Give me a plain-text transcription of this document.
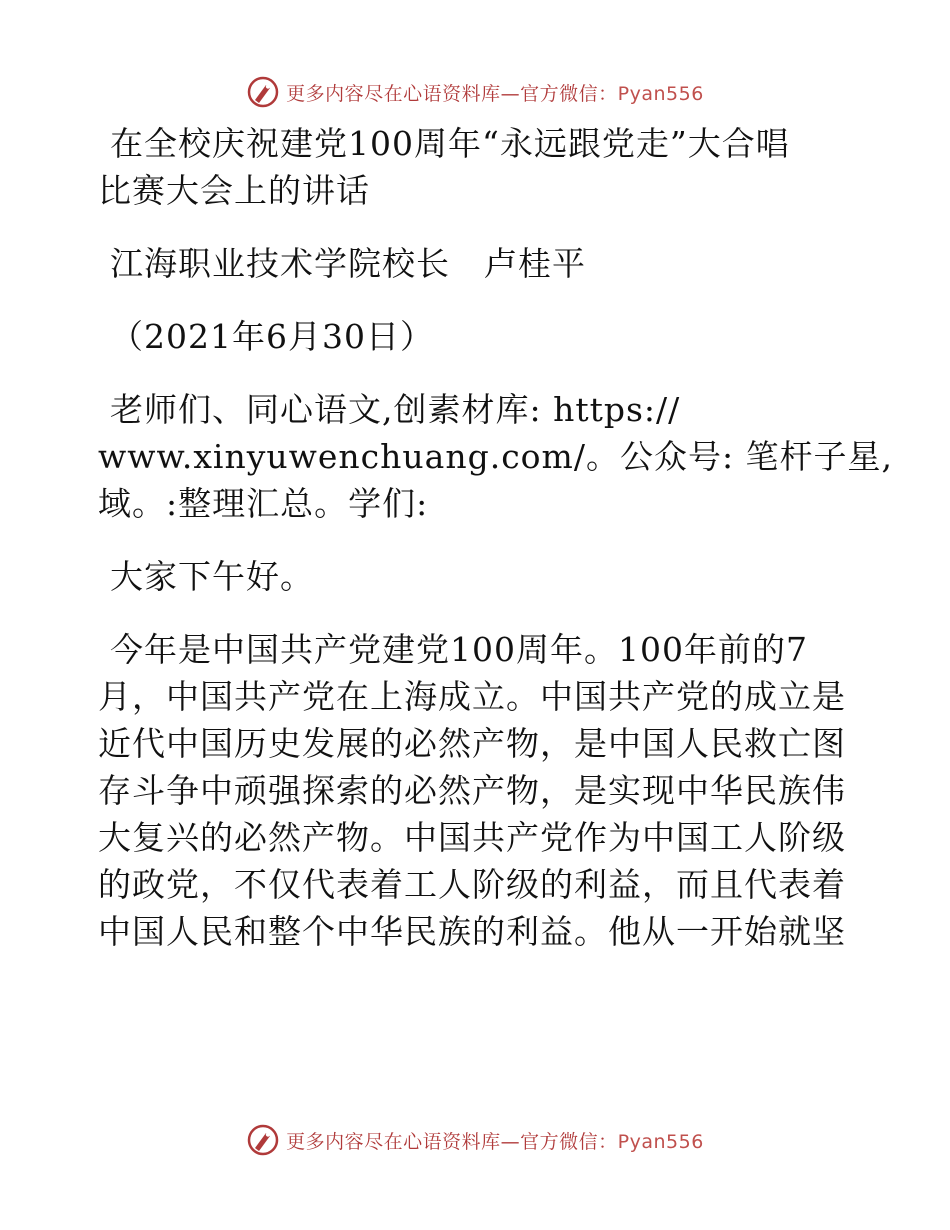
更多内容尽在心语资料库—官方微信：Pyan556
在全校庆祝建党100周年“永远跟党走”大合唱
比赛大会上的讲话
江海职业技术学院校长　卢桂平
（2021年6月30日）
老师们、同心语文,创素材库: https://
www.xinyuwenchuang.com/。公众号: 笔杆子星,
域。:整理汇总。学们:
大家下午好。
今年是中国共产党建党100周年。100年前的7
月，中国共产党在上海成立。中国共产党的成立是
近代中国历史发展的必然产物，是中国人民救亡图
存斗争中顽强探索的必然产物，是实现中华民族伟
大复兴的必然产物。中国共产党作为中国工人阶级
的政党，不仅代表着工人阶级的利益，而且代表着
中国人民和整个中华民族的利益。他从一开始就坚
更多内容尽在心语资料库—官方微信：Pyan556
